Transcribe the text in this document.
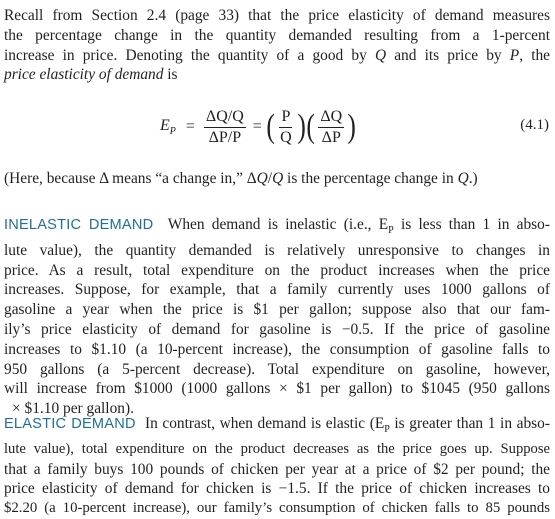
Recall from Section 2.4 (page 33) that the price elasticity of demand measures
the percentage change in the quantity demanded resulting from a 1-percent
increase in price. Denoting the quantity of a good by Q and its price by P, the
price elasticity of demand is
$E_P = \frac{\Delta Q/Q}{\Delta P/P}$ = ( $\frac{P}{Q}$ ) ( $\frac{\Delta Q}{\Delta P}$ )	(4.1)
(Here, because Δ means “a change in,” ΔQ/Q is the percentage change in Q.)
INELASTIC DEMAND When demand is inelastic (i.e., $E_P$ is less than 1 in abso-
lute value), the quantity demanded is relatively unresponsive to changes in
price. As a result, total expenditure on the product increases when the price
increases. Suppose, for example, that a family currently uses 1000 gallons of
gasoline a year when the price is $1 per gallon; suppose also that our fam-
ily’s price elasticity of demand for gasoline is −0.5. If the price of gasoline
increases to $1.10 (a 10-percent increase), the consumption of gasoline falls to
950 gallons (a 5-percent decrease). Total expenditure on gasoline, however,
will increase from $1000 (1000 gallons × $1 per gallon) to $1045 (950 gallons
× $1.10 per gallon).
ELASTIC DEMAND In contrast, when demand is elastic ($E_P$ is greater than 1 in abso-
lute value), total expenditure on the product decreases as the price goes up. Suppose
that a family buys 100 pounds of chicken per year at a price of $2 per pound; the
price elasticity of demand for chicken is −1.5. If the price of chicken increases to
$2.20 (a 10-percent increase), our family’s consumption of chicken falls to 85 pounds
